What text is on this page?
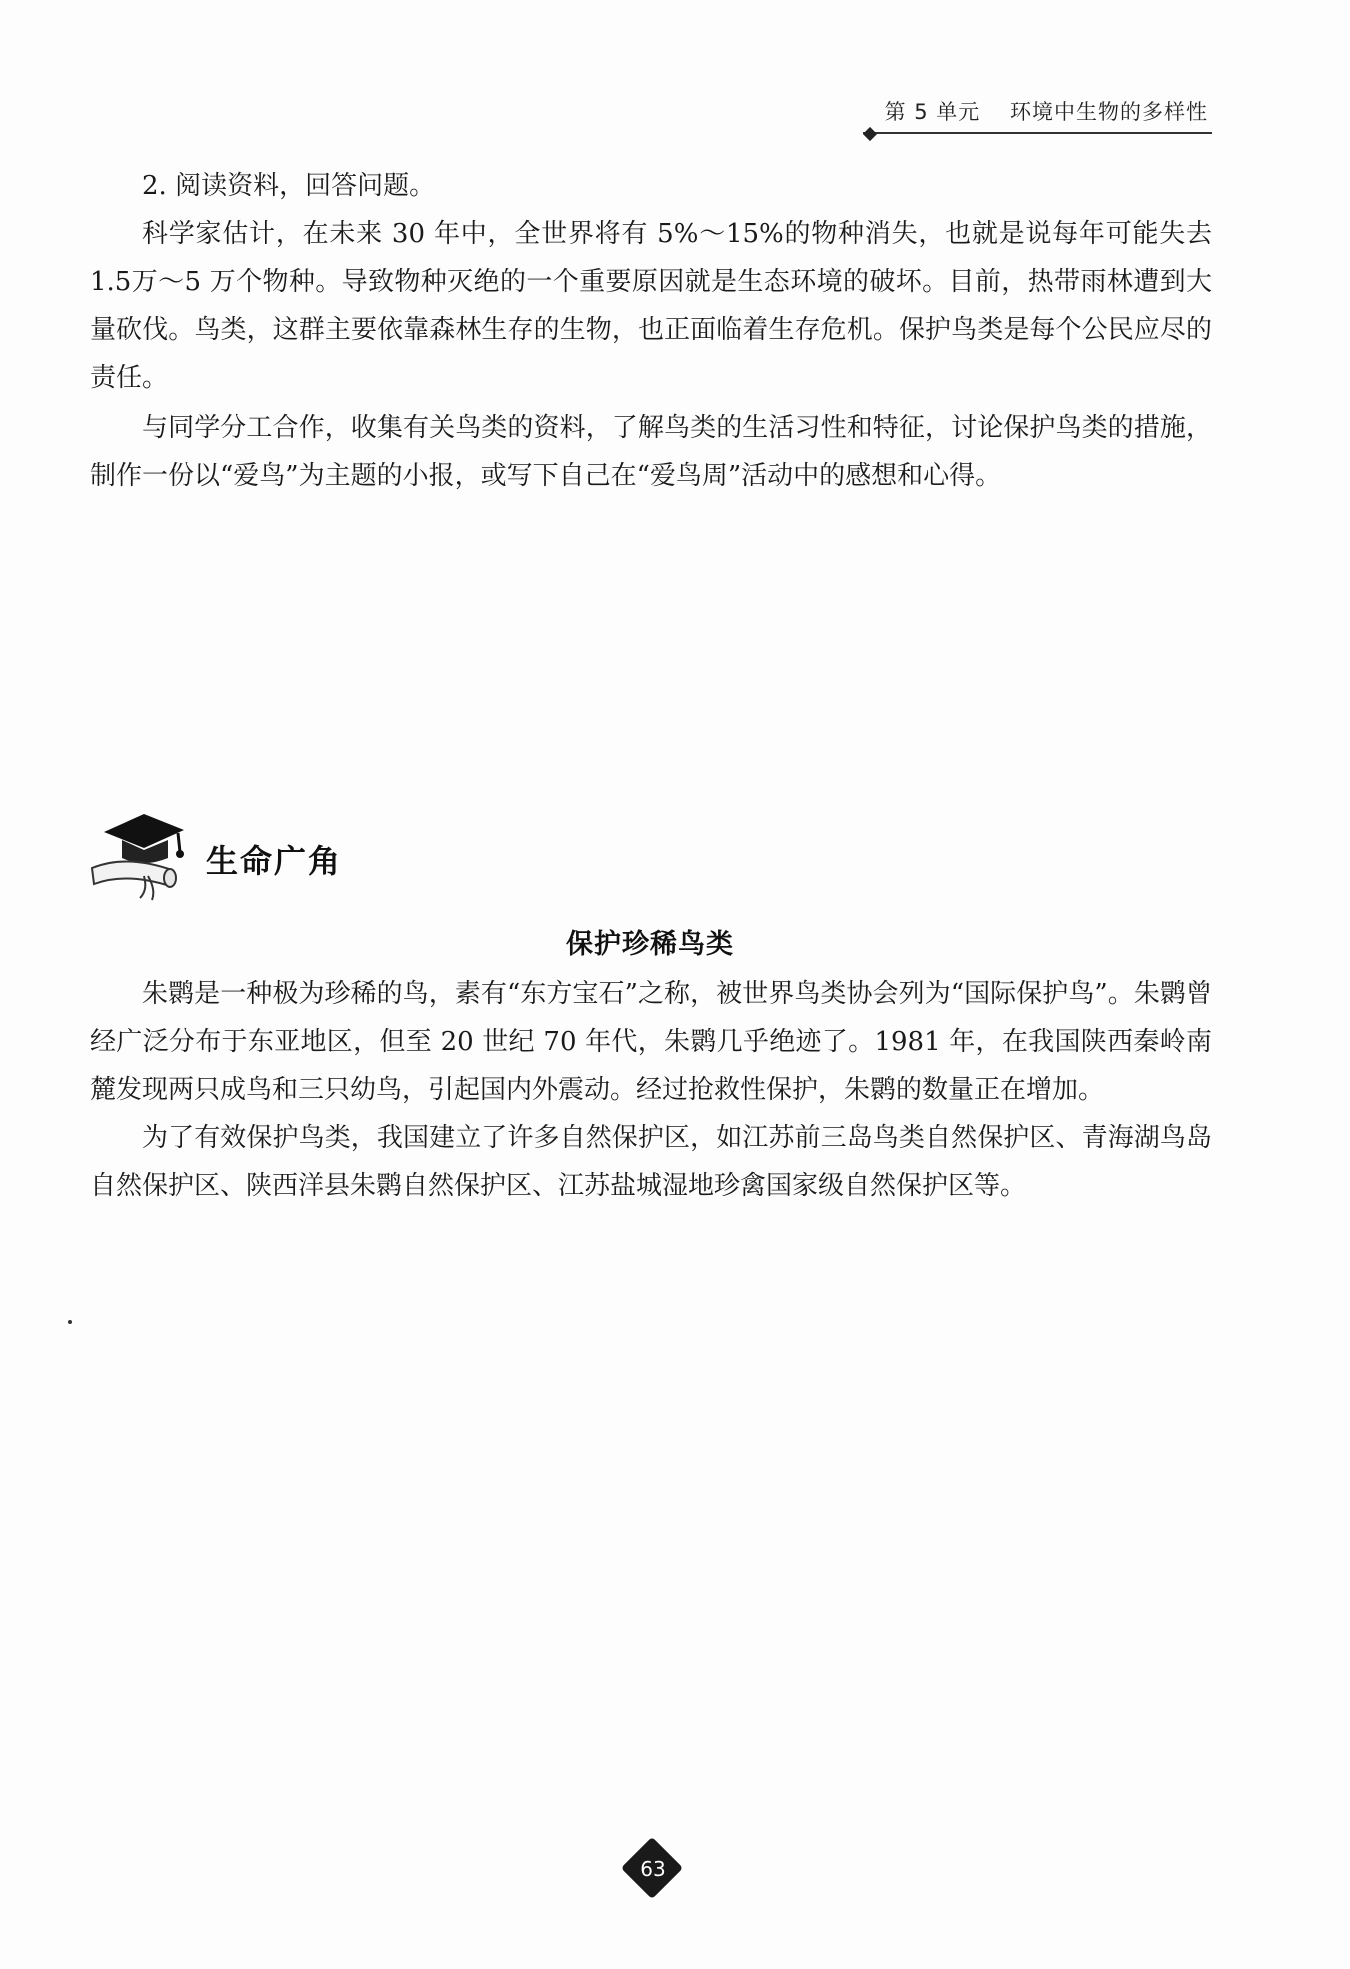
第 5 单元 环境中生物的多样性
2. 阅读资料，回答问题。

科学家估计，在未来 30 年中，全世界将有 5%～15%的物种消失，也就是说每年可能失去 1.5万～5 万个物种。导致物种灭绝的一个重要原因就是生态环境的破坏。目前，热带雨林遭到大量砍伐。鸟类，这群主要依靠森林生存的生物，也正面临着生存危机。保护鸟类是每个公民应尽的责任。

与同学分工合作，收集有关鸟类的资料，了解鸟类的生活习性和特征，讨论保护鸟类的措施，制作一份以“爱鸟”为主题的小报，或写下自己在“爱鸟周”活动中的感想和心得。

生命广角
保护珍稀鸟类

朱鹮是一种极为珍稀的鸟，素有“东方宝石”之称，被世界鸟类协会列为“国际保护鸟”。朱鹮曾经广泛分布于东亚地区，但至 20 世纪 70 年代，朱鹮几乎绝迹了。1981 年，在我国陕西秦岭南麓发现两只成鸟和三只幼鸟，引起国内外震动。经过抢救性保护，朱鹮的数量正在增加。

为了有效保护鸟类，我国建立了许多自然保护区，如江苏前三岛鸟类自然保护区、青海湖鸟岛自然保护区、陕西洋县朱鹮自然保护区、江苏盐城湿地珍禽国家级自然保护区等。

63
